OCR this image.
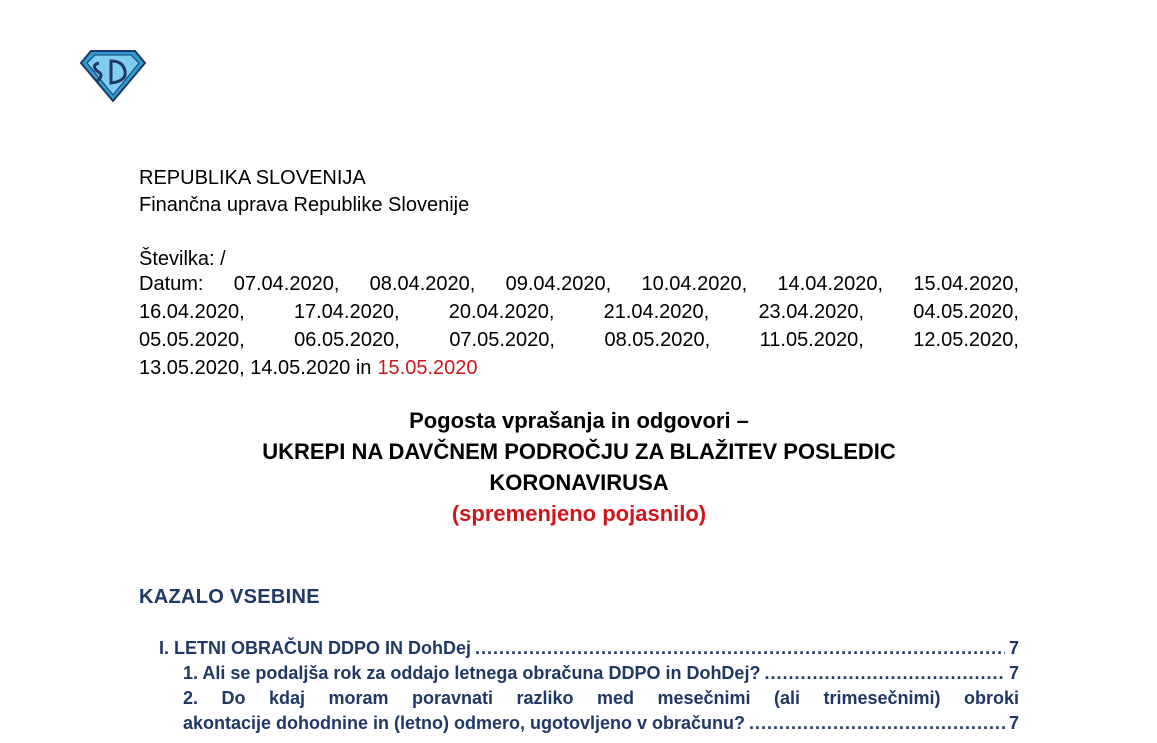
REPUBLIKA SLOVENIJA
Finančna uprava Republike Slovenije
Številka: /
Datum: 07.04.2020, 08.04.2020, 09.04.2020, 10.04.2020, 14.04.2020, 15.04.2020,
16.04.2020, 17.04.2020, 20.04.2020, 21.04.2020, 23.04.2020, 04.05.2020,
05.05.2020, 06.05.2020, 07.05.2020, 08.05.2020, 11.05.2020, 12.05.2020,
13.05.2020, 14.05.2020 in 15.05.2020
Pogosta vprašanja in odgovori –
UKREPI NA DAVČNEM PODROČJU ZA BLAŽITEV POSLEDIC
KORONAVIRUSA
(spremenjeno pojasnilo)
KAZALO VSEBINE
I. LETNI OBRAČUN DDPO IN DohDej .....	7
1. Ali se podaljša rok za oddajo letnega obračuna DDPO in DohDej? .....	7
2. Do kdaj moram poravnati razliko med mesečnimi (ali trimesečnimi) obroki
akontacije dohodnine in (letno) odmero, ugotovljeno v obračunu? .....	7
